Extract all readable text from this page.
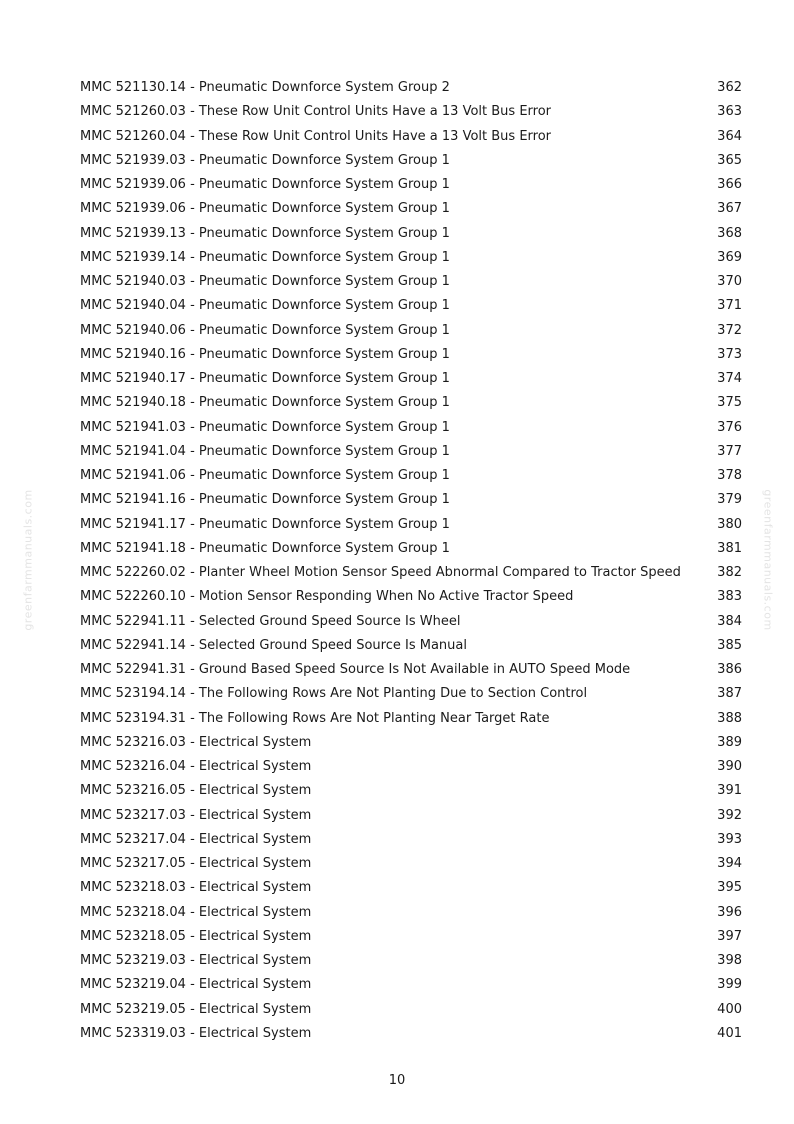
greenfarmmanuals.com	greenfarmmanuals.com
MMC 521130.14 - Pneumatic Downforce System Group 2	362
MMC 521260.03 - These Row Unit Control Units Have a 13 Volt Bus Error	363
MMC 521260.04 - These Row Unit Control Units Have a 13 Volt Bus Error	364
MMC 521939.03 - Pneumatic Downforce System Group 1	365
MMC 521939.06 - Pneumatic Downforce System Group 1	366
MMC 521939.06 - Pneumatic Downforce System Group 1	367
MMC 521939.13 - Pneumatic Downforce System Group 1	368
MMC 521939.14 - Pneumatic Downforce System Group 1	369
MMC 521940.03 - Pneumatic Downforce System Group 1	370
MMC 521940.04 - Pneumatic Downforce System Group 1	371
MMC 521940.06 - Pneumatic Downforce System Group 1	372
MMC 521940.16 - Pneumatic Downforce System Group 1	373
MMC 521940.17 - Pneumatic Downforce System Group 1	374
MMC 521940.18 - Pneumatic Downforce System Group 1	375
MMC 521941.03 - Pneumatic Downforce System Group 1	376
MMC 521941.04 - Pneumatic Downforce System Group 1	377
MMC 521941.06 - Pneumatic Downforce System Group 1	378
MMC 521941.16 - Pneumatic Downforce System Group 1	379
MMC 521941.17 - Pneumatic Downforce System Group 1	380
MMC 521941.18 - Pneumatic Downforce System Group 1	381
MMC 522260.02 - Planter Wheel Motion Sensor Speed Abnormal Compared to Tractor Speed	382
MMC 522260.10 - Motion Sensor Responding When No Active Tractor Speed	383
MMC 522941.11 - Selected Ground Speed Source Is Wheel	384
MMC 522941.14 - Selected Ground Speed Source Is Manual	385
MMC 522941.31 - Ground Based Speed Source Is Not Available in AUTO Speed Mode	386
MMC 523194.14 - The Following Rows Are Not Planting Due to Section Control	387
MMC 523194.31 - The Following Rows Are Not Planting Near Target Rate	388
MMC 523216.03 - Electrical System	389
MMC 523216.04 - Electrical System	390
MMC 523216.05 - Electrical System	391
MMC 523217.03 - Electrical System	392
MMC 523217.04 - Electrical System	393
MMC 523217.05 - Electrical System	394
MMC 523218.03 - Electrical System	395
MMC 523218.04 - Electrical System	396
MMC 523218.05 - Electrical System	397
MMC 523219.03 - Electrical System	398
MMC 523219.04 - Electrical System	399
MMC 523219.05 - Electrical System	400
MMC 523319.03 - Electrical System	401
10
